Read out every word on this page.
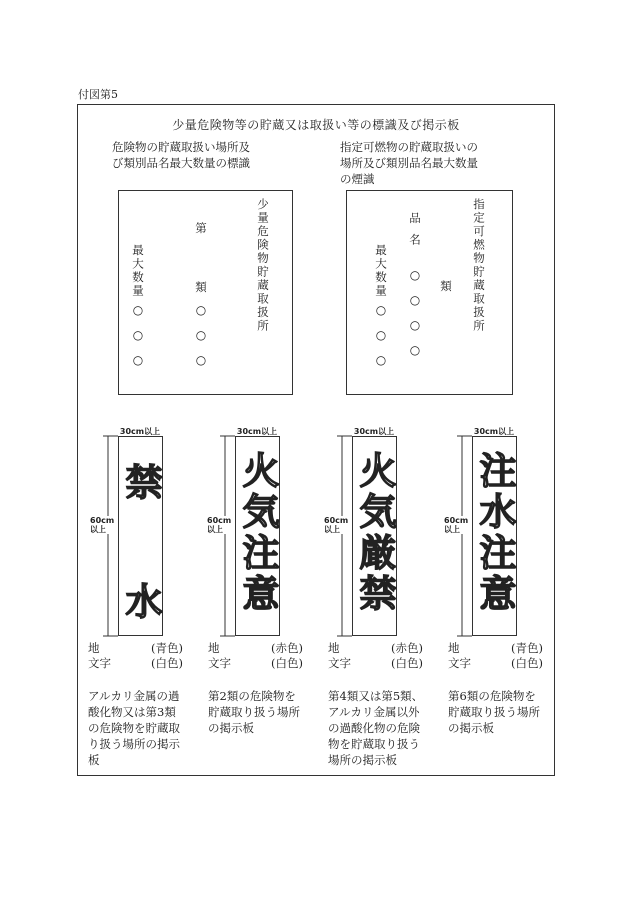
付図第5
少量危険物等の貯蔵又は取扱い等の標識及び掲示板
危険物の貯蔵取扱い場所及
び類別品名最大数量の標識
少量危険物貯蔵取扱所
第
類
○○○
最大数量
○○○
指定可燃物の貯蔵取扱いの
場所及び類別品名最大数量
の煙識
指定可燃物貯蔵取扱所
類
品名
○○○○
最大数量
○○○
30cm以上
60cm
以上
禁
水
30cm以上
60cm
以上 火気注意
30cm以上
60cm
以上 火気厳禁
30cm以上
60cm
以上 注水注意
地	(青色)
文字	(白色)
地	(赤色)
文字	(白色)
地	(赤色)
文字	(白色)
地	(青色)
文字	(白色)
アルカリ金属の過
酸化物又は第3類
の危険物を貯蔵取
り扱う場所の掲示
板
第2類の危険物を
貯蔵取り扱う場所
の掲示板
第4類又は第5類、
アルカリ金属以外
の過酸化物の危険
物を貯蔵取り扱う
場所の掲示板
第6類の危険物を
貯蔵取り扱う場所
の掲示板
